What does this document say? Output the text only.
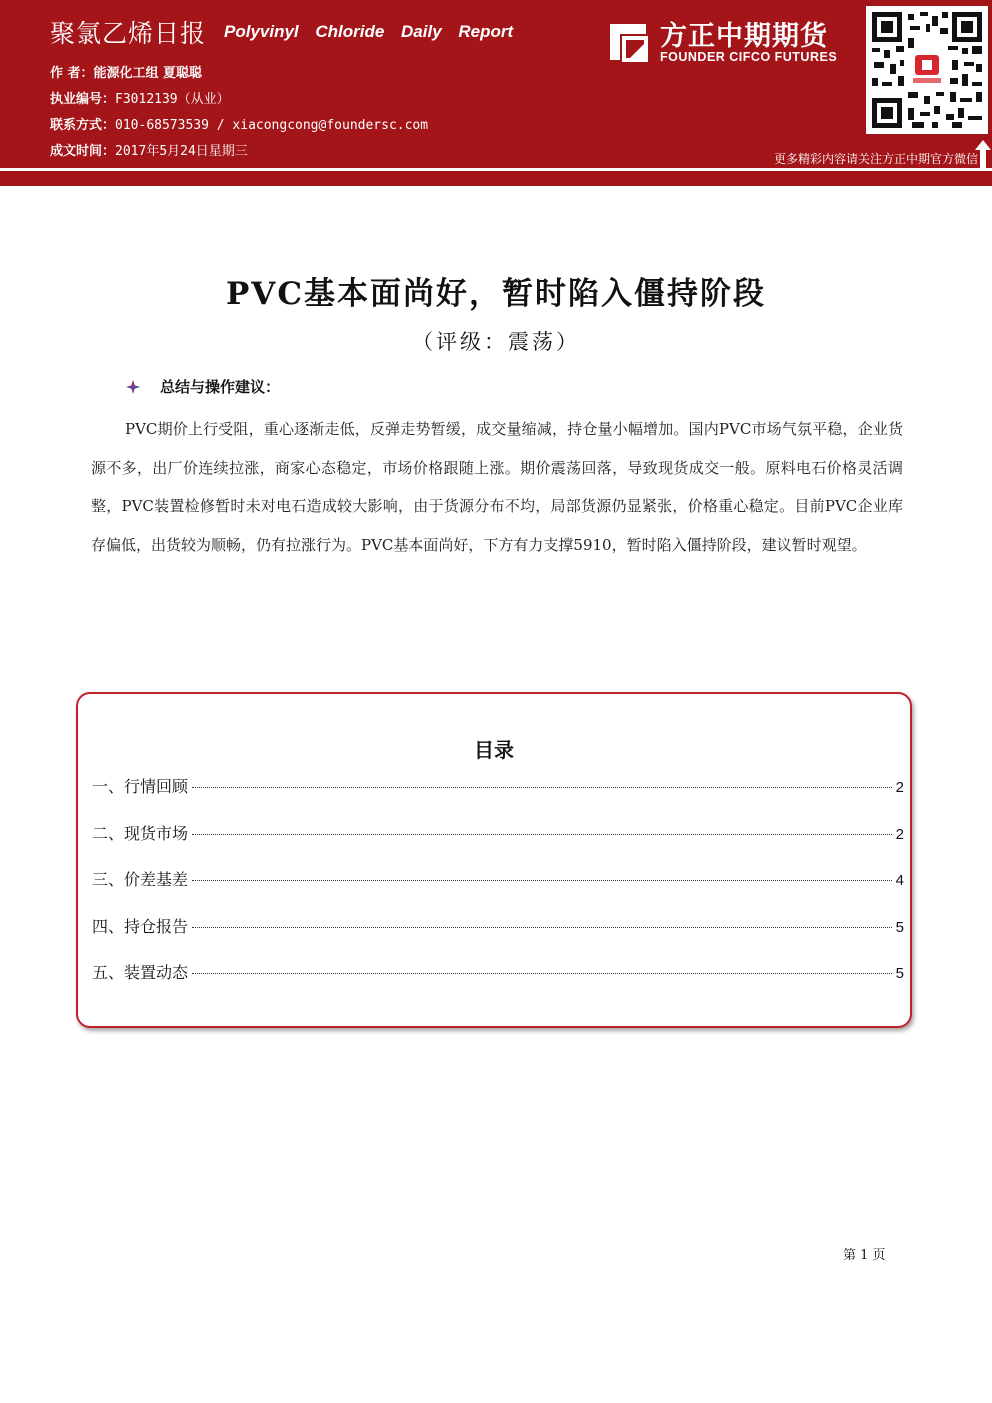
聚氯乙烯日报 Polyvinyl Chloride Daily Report
作 者：能源化工组 夏聪聪
执业编号：F3012139（从业）
联系方式：010-68573539 / xiacongcong@foundersc.com
成文时间：2017年5月24日星期三
方正中期期货
FOUNDER CIFCO FUTURES
更多精彩内容请关注方正中期官方微信
PVC基本面尚好，暂时陷入僵持阶段
（评级：震荡）
总结与操作建议：
PVC期价上行受阻，重心逐渐走低，反弹走势暂缓，成交量缩减，持仓量小幅增加。国内PVC市场气氛平稳，企业货源不多，出厂价连续拉涨，商家心态稳定，市场价格跟随上涨。期价震荡回落，导致现货成交一般。原料电石价格灵活调整，PVC装置检修暂时未对电石造成较大影响，由于货源分布不均，局部货源仍显紧张，价格重心稳定。目前PVC企业库存偏低，出货较为顺畅，仍有拉涨行为。PVC基本面尚好，下方有力支撑5910，暂时陷入僵持阶段，建议暂时观望。
目录
一、行情回顾	2
二、现货市场	2
三、价差基差	4
四、持仓报告	5
五、装置动态	5
第 1 页
